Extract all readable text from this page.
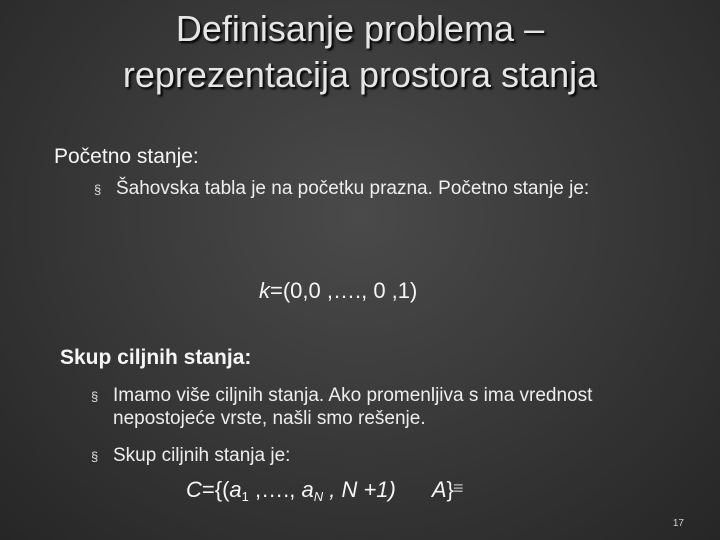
Definisanje problema –
reprezentacija prostora stanja
Početno stanje:
§ Šahovska tabla je na početku prazna. Početno stanje je:
k=(0,0 ,…., 0 ,1)
Skup ciljnih stanja:
§ Imamo više ciljnih stanja. Ako promenljiva s ima vrednost nepostojeće vrste, našli smo rešenje.
§ Skup ciljnih stanja je:
$C=\{(a_1$ ,…., $a_N$ , N +1) A} ≡
17
